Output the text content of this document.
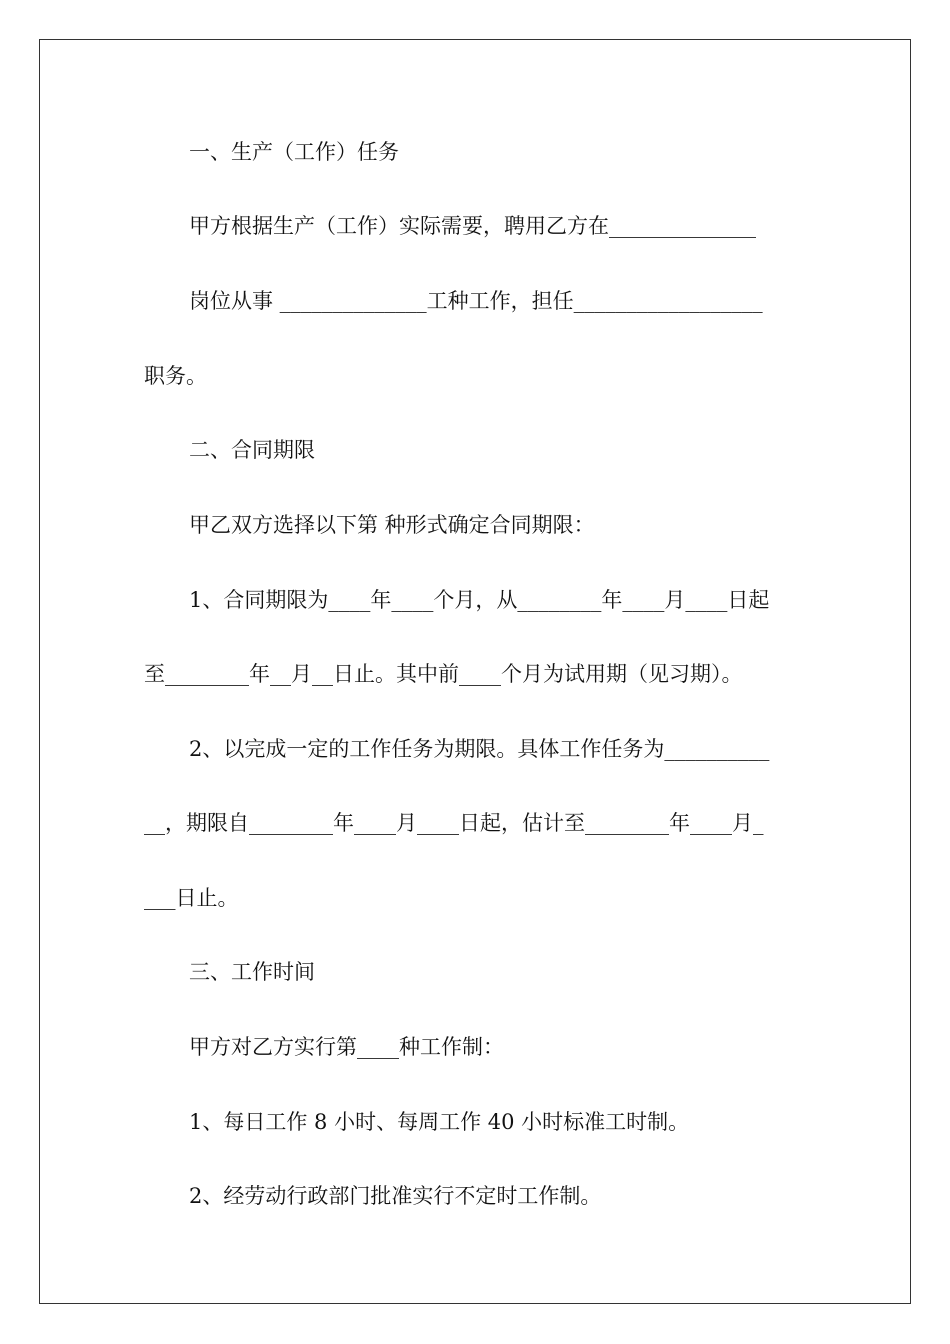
一、生产（工作）任务
甲方根据生产（工作）实际需要，聘用乙方在______________
岗位从事 ______________工种工作，担任__________________
职务。
二、合同期限
甲乙双方选择以下第 种形式确定合同期限：
1、合同期限为____年____个月，从________年____月____日起
至________年__月__日止。其中前____个月为试用期（见习期）。
2、以完成一定的工作任务为期限。具体工作任务为__________
__，期限自________年____月____日起，估计至________年____月_
___日止。
三、工作时间
甲方对乙方实行第____种工作制：
1、每日工作 8 小时、每周工作 40 小时标准工时制。
2、经劳动行政部门批准实行不定时工作制。
